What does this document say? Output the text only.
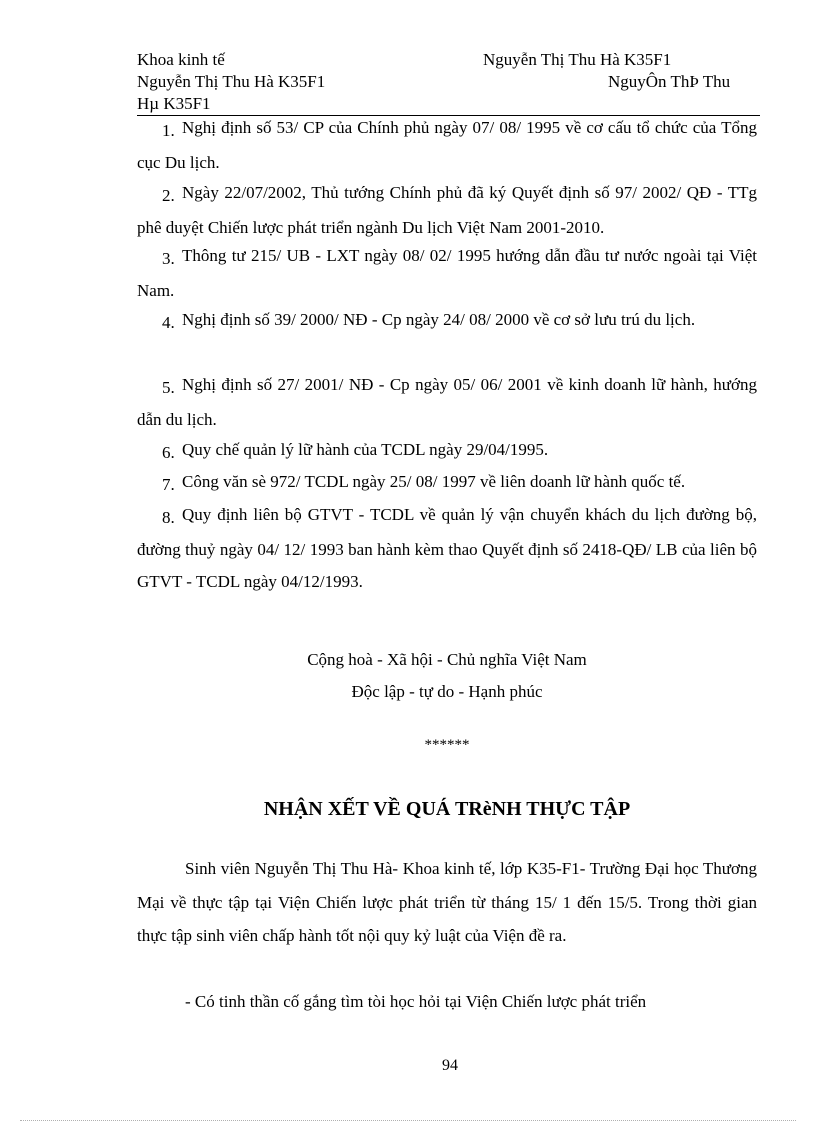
Khoa kinh tế	Nguyễn Thị Thu Hà K35F1
Nguyễn Thị Thu Hà K35F1	NguyÔn ThÞ Thu
Hµ K35F1
1. Nghị định số 53/ CP của Chính phủ ngày 07/ 08/ 1995 về cơ cấu tổ chức của Tổng cục Du lịch.
2. Ngày 22/07/2002, Thủ tướng Chính phủ đã ký Quyết định số 97/ 2002/ QĐ - TTg phê duyệt Chiến lược phát triển ngành Du lịch Việt Nam 2001-2010.
3. Thông tư 215/ UB - LXT ngày 08/ 02/ 1995 hướng dẫn đầu tư nước ngoài tại Việt Nam.
4. Nghị định số 39/ 2000/ NĐ - Cp ngày 24/ 08/ 2000 về cơ sở lưu trú du lịch.
5. Nghị định số 27/ 2001/ NĐ - Cp ngày 05/ 06/ 2001 về kinh doanh lữ hành, hướng dẫn du lịch.
6. Quy chế quản lý lữ hành của TCDL ngày 29/04/1995.
7. Công văn sè 972/ TCDL ngày 25/ 08/ 1997 về liên doanh lữ hành quốc tế.
8. Quy định liên bộ GTVT - TCDL về quản lý vận chuyển khách du lịch đường bộ, đường thuỷ ngày 04/ 12/ 1993 ban hành kèm thao Quyết định số 2418-QĐ/ LB của liên bộ GTVT - TCDL ngày 04/12/1993.
Cộng hoà - Xã hội - Chủ nghĩa Việt Nam
Độc lập - tự do - Hạnh phúc
******
NHẬN XẾT VỀ QUÁ TRèNH THỰC TẬP
Sinh viên Nguyễn Thị Thu Hà- Khoa kinh tế, lớp K35-F1- Trường Đại học Thương Mại về thực tập tại Viện Chiến lược phát triển từ tháng 15/ 1 đến 15/5. Trong thời gian thực tập sinh viên chấp hành tốt nội quy kỷ luật của Viện đề ra.
- Có tinh thần cố gắng tìm tòi học hỏi tại Viện Chiến lược phát triển
94
